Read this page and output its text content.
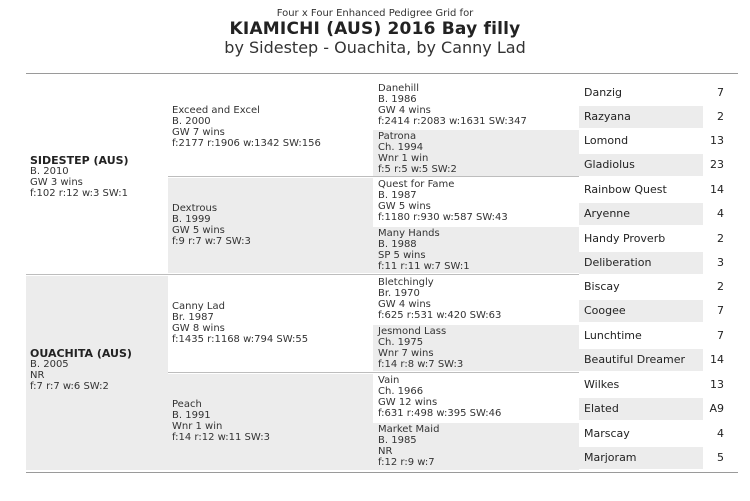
Four x Four Enhanced Pedigree Grid for
KIAMICHI (AUS) 2016 Bay filly
by Sidestep - Ouachita, by Canny Lad
SIDESTEP (AUS)
B. 2010
GW 3 wins
f:102 r:12 w:3 SW:1
OUACHITA (AUS)
B. 2005
NR
f:7 r:7 w:6 SW:2
Exceed and Excel
B. 2000
GW 7 wins
f:2177 r:1906 w:1342 SW:156
Dextrous
B. 1999
GW 5 wins
f:9 r:7 w:7 SW:3
Canny Lad
Br. 1987
GW 8 wins
f:1435 r:1168 w:794 SW:55
Peach
B. 1991
Wnr 1 win
f:14 r:12 w:11 SW:3
Danehill
B. 1986
GW 4 wins
f:2414 r:2083 w:1631 SW:347
Patrona
Ch. 1994
Wnr 1 win
f:5 r:5 w:5 SW:2
Quest for Fame
B. 1987
GW 5 wins
f:1180 r:930 w:587 SW:43
Many Hands
B. 1988
SP 5 wins
f:11 r:11 w:7 SW:1
Bletchingly
Br. 1970
GW 4 wins
f:625 r:531 w:420 SW:63
Jesmond Lass
Ch. 1975
Wnr 7 wins
f:14 r:8 w:7 SW:3
Vain
Ch. 1966
GW 12 wins
f:631 r:498 w:395 SW:46
Market Maid
B. 1985
NR
f:12 r:9 w:7
Danzig	7
Razyana	2
Lomond	13
Gladiolus	23
Rainbow Quest	14
Aryenne	4
Handy Proverb	2
Deliberation	3
Biscay	2
Coogee	7
Lunchtime	7
Beautiful Dreamer	14
Wilkes	13
Elated	A9
Marscay	4
Marjoram	5
